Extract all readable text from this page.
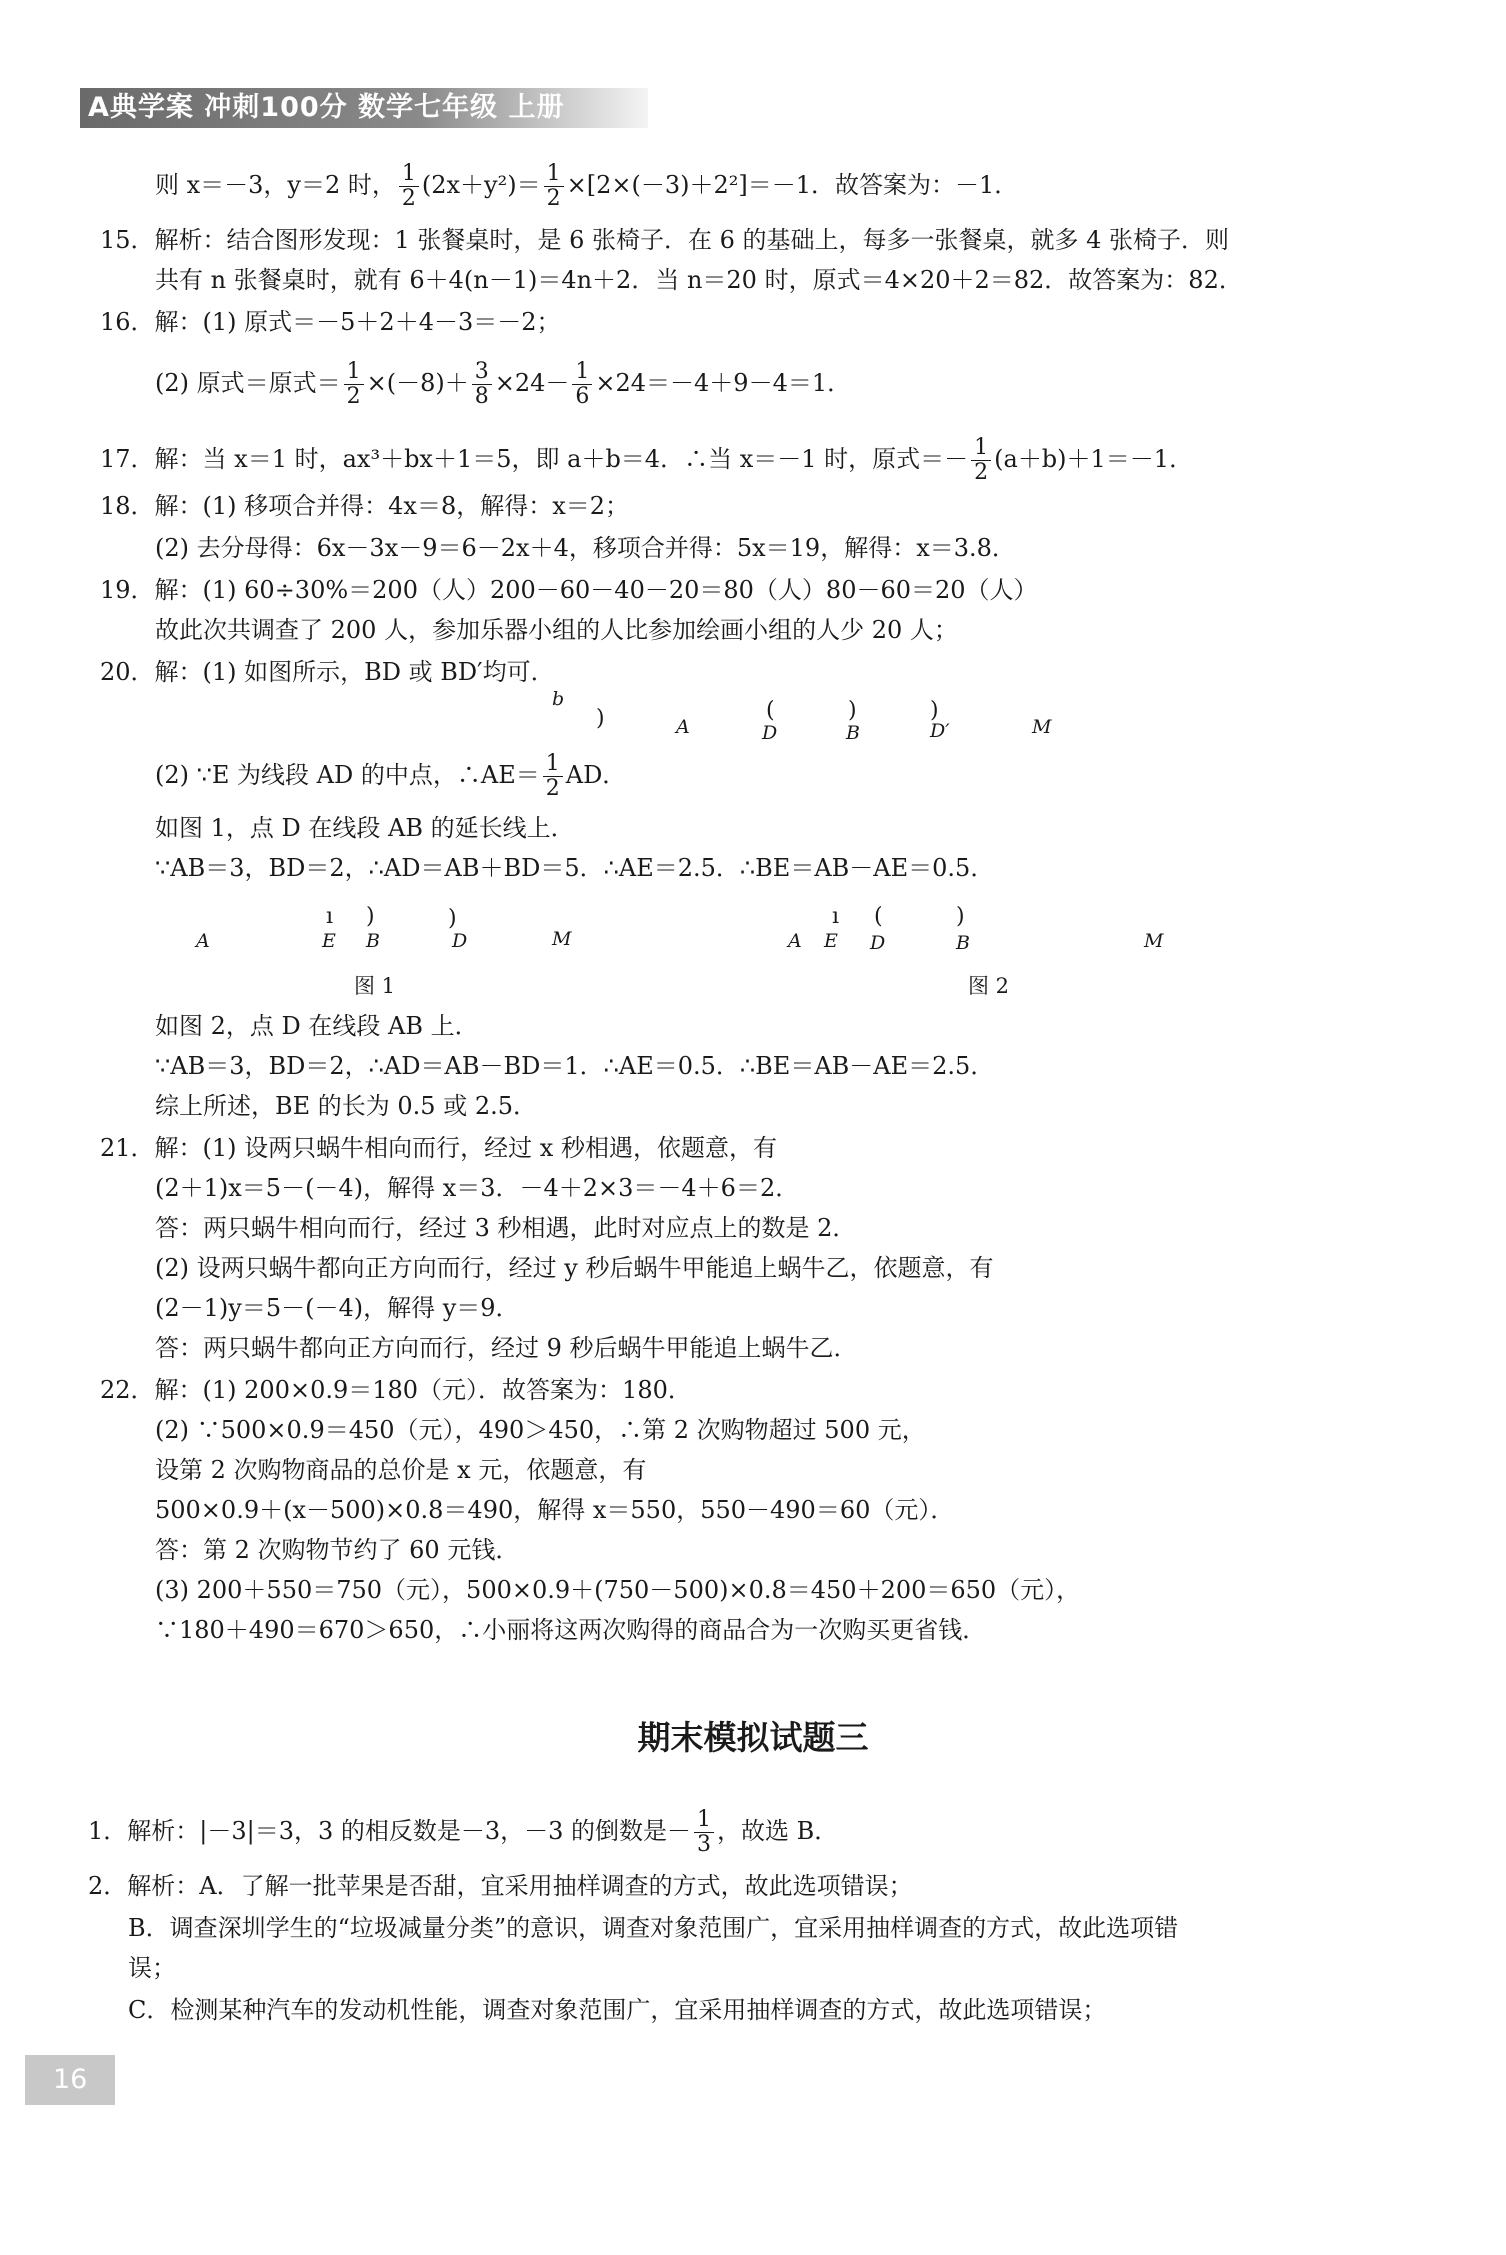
A典学案 冲刺100分 数学七年级 上册
则 x＝－3，y＝2 时， $\frac{1}{2} (2x+y^2)= \frac{1}{2} \times[2\times(-3)+2^2]=-1$．故答案为：－1．
15．解析：结合图形发现：1 张餐桌时，是 6 张椅子．在 6 的基础上，每多一张餐桌，就多 4 张椅子．则
共有 n 张餐桌时，就有 6＋4(n－1)＝4n＋2．当 n＝20 时，原式＝4×20＋2＝82．故答案为：82．
16．解：(1) 原式＝－5＋2＋4－3＝－2；
(2) 原式＝原式＝ $\frac{1}{2} \times(-8)+ \frac{3}{8} \times 24- \frac{1}{6} \times 24=-4+9-4=1$．
17．解：当 x＝1 时，ax³＋bx＋1＝5，即 a＋b＝4．∴当 x＝－1 时，原式＝－ $\frac{1}{2} (a+b)+1=-1$．
18．解：(1) 移项合并得：4x＝8，解得：x＝2；
(2) 去分母得：6x－3x－9＝6－2x＋4，移项合并得：5x＝19，解得：x＝3.8．
19．解：(1) 60÷30%＝200（人）200－60－40－20＝80（人）80－60＝20（人）
故此次共调查了 200 人，参加乐器小组的人比参加绘画小组的人少 20 人；
20．解：(1) 如图所示，BD 或 BD′均可．
b
)	A
(
D
)
B
)
D′	M
(2) ∵E 为线段 AD 的中点，∴AE＝ $\frac{1}{2}$ AD．
如图 1，点 D 在线段 AB 的延长线上．
∵AB＝3，BD＝2，∴AD＝AB＋BD＝5．∴AE＝2.5．∴BE＝AB－AE＝0.5．
A
ı
E
)
B
)
D	M
图 1
A
ı
E
(
D
)
B	M
图 2
如图 2，点 D 在线段 AB 上．
∵AB＝3，BD＝2，∴AD＝AB－BD＝1．∴AE＝0.5．∴BE＝AB－AE＝2.5．
综上所述，BE 的长为 0.5 或 2.5．
21．解：(1) 设两只蜗牛相向而行，经过 x 秒相遇，依题意，有
(2＋1)x＝5－(－4)，解得 x＝3．－4＋2×3＝－4＋6＝2．
答：两只蜗牛相向而行，经过 3 秒相遇，此时对应点上的数是 2．
(2) 设两只蜗牛都向正方向而行，经过 y 秒后蜗牛甲能追上蜗牛乙，依题意，有
(2－1)y＝5－(－4)，解得 y＝9．
答：两只蜗牛都向正方向而行，经过 9 秒后蜗牛甲能追上蜗牛乙．
22．解：(1) 200×0.9＝180（元）．故答案为：180．
(2) ∵500×0.9＝450（元），490＞450，∴第 2 次购物超过 500 元，
设第 2 次购物商品的总价是 x 元，依题意，有
500×0.9＋(x－500)×0.8＝490，解得 x＝550，550－490＝60（元）．
答：第 2 次购物节约了 60 元钱．
(3) 200＋550＝750（元），500×0.9＋(750－500)×0.8＝450＋200＝650（元），
∵180＋490＝670＞650，∴小丽将这两次购得的商品合为一次购买更省钱．
期末模拟试题三
1．解析：|－3|＝3，3 的相反数是－3，－3 的倒数是－ $\frac{1}{3}$ ，故选 B．
2．解析：A．了解一批苹果是否甜，宜采用抽样调查的方式，故此选项错误；
B．调查深圳学生的“垃圾减量分类”的意识，调查对象范围广，宜采用抽样调查的方式，故此选项错
误；
C．检测某种汽车的发动机性能，调查对象范围广，宜采用抽样调查的方式，故此选项错误；
16
